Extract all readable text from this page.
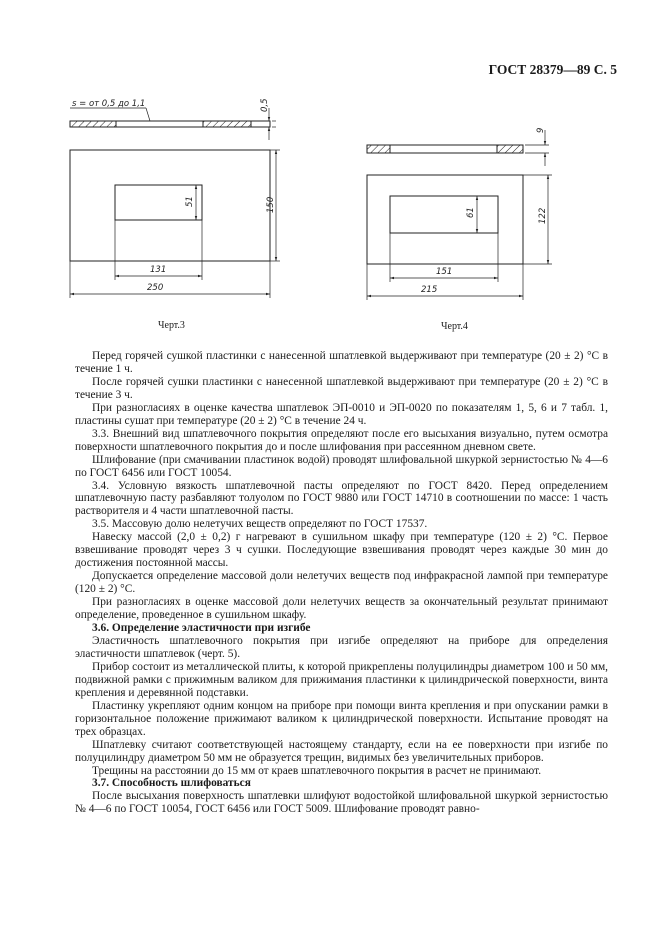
ГОСТ 28379—89 С. 5
s = от 0,5 до 1,1	0,5
51	150
131
250
9
61	122
151
215
Черт.3	Черт.4

Перед горячей сушкой пластинки с нанесенной шпатлевкой выдерживают при температуре (20 ± 2) °С в течение 1 ч.

После горячей сушки пластинки с нанесенной шпатлевкой выдерживают при температуре (20 ± 2) °С в течение 3 ч.

При разногласиях в оценке качества шпатлевок ЭП-0010 и ЭП-0020 по показателям 1, 5, 6 и 7 табл. 1, пластины сушат при температуре (20 ± 2) °С в течение 24 ч.

3.3. Внешний вид шпатлевочного покрытия определяют после его высыхания визуально, путем осмотра поверхности шпатлевочного покрытия до и после шлифования при рассеянном дневном свете.

Шлифование (при смачивании пластинок водой) проводят шлифовальной шкуркой зернистостью № 4—6 по ГОСТ 6456 или ГОСТ 10054.

3.4. Условную вязкость шпатлевочной пасты определяют по ГОСТ 8420. Перед определением шпатлевочную пасту разбавляют толуолом по ГОСТ 9880 или ГОСТ 14710 в соотношении по массе: 1 часть растворителя и 4 части шпатлевочной пасты.

3.5. Массовую долю нелетучих веществ определяют по ГОСТ 17537.

Навеску массой (2,0 ± 0,2) г нагревают в сушильном шкафу при температуре (120 ± 2) °С. Первое взвешивание проводят через 3 ч сушки. Последующие взвешивания проводят через каждые 30 мин до достижения постоянной массы.

Допускается определение массовой доли нелетучих веществ под инфракрасной лампой при температуре (120 ± 2) °С.

При разногласиях в оценке массовой доли нелетучих веществ за окончательный результат принимают определение, проведенное в сушильном шкафу.

3.6. Определение эластичности при изгибе

Эластичность шпатлевочного покрытия при изгибе определяют на приборе для определения эластичности шпатлевок (черт. 5).

Прибор состоит из металлической плиты, к которой прикреплены полуцилиндры диаметром 100 и 50 мм, подвижной рамки с прижимным валиком для прижимания пластинки к цилиндрической поверхности, винта крепления и деревянной подставки.

Пластинку укрепляют одним концом на приборе при помощи винта крепления и при опускании рамки в горизонтальное положение прижимают валиком к цилиндрической поверхности. Испытание проводят на трех образцах.

Шпатлевку считают соответствующей настоящему стандарту, если на ее поверхности при изгибе по полуцилиндру диаметром 50 мм не образуется трещин, видимых без увеличительных приборов.

Трещины на расстоянии до 15 мм от краев шпатлевочного покрытия в расчет не принимают.

3.7. Способность шлифоваться

После высыхания поверхность шпатлевки шлифуют водостойкой шлифовальной шкуркой зернистостью № 4—6 по ГОСТ 10054, ГОСТ 6456 или ГОСТ 5009. Шлифование проводят равно-
